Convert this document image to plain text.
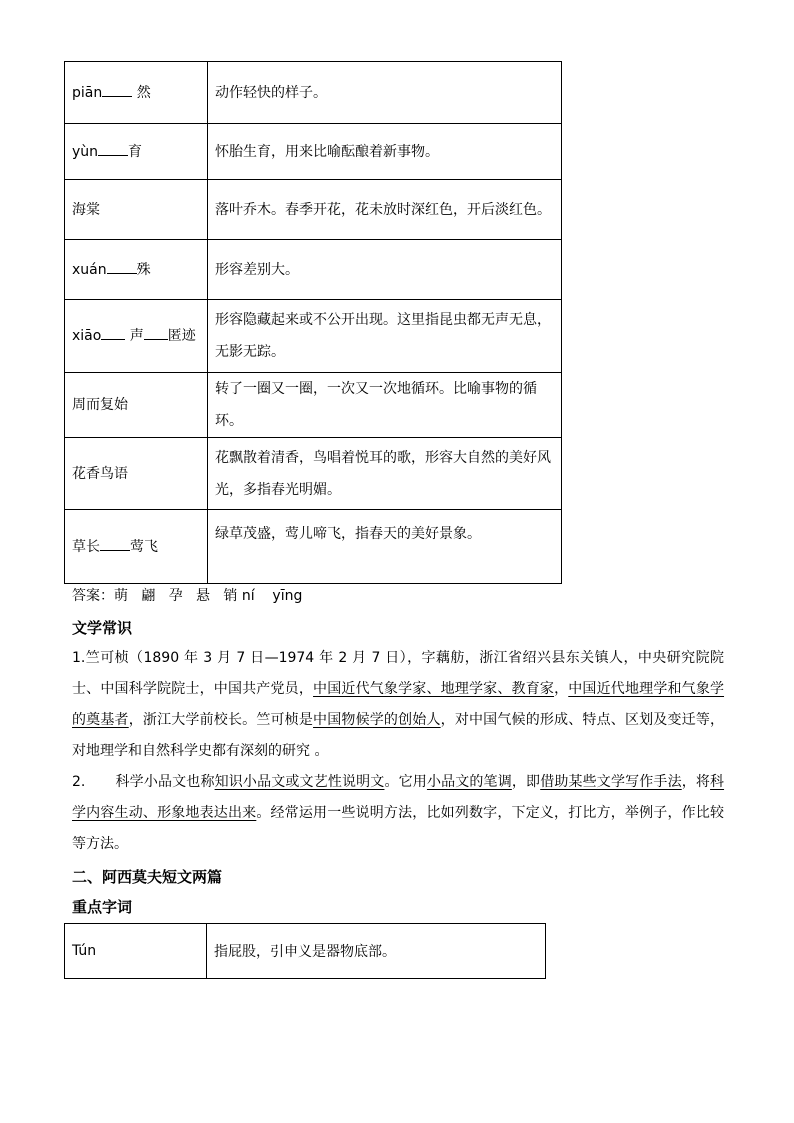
piān 然	动作轻快的样子。
yùn 育	怀胎生育，用来比喻酝酿着新事物。
海棠	落叶乔木。春季开花，花未放时深红色，开后淡红色。
xuán 殊	形容差别大。
xiāo 声 匿迹	形容隐藏起来或不公开出现。这里指昆虫都无声无息，无影无踪。
周而复始	转了一圈又一圈，一次又一次地循环。比喻事物的循环。
花香鸟语	花飘散着清香，鸟唱着悦耳的歌，形容大自然的美好风光，多指春光明媚。
草长 莺飞	绿草茂盛，莺儿啼飞，指春天的美好景象。
答案：萌   翩   孕   悬   销 ní    yīng
文学常识
1.竺可桢（1890 年 3 月 7 日—1974 年 2 月 7 日），字藕舫，浙江省绍兴县东关镇人，中央研究院院士、中国科学院院士，中国共产党员，中国近代气象学家、地理学家、教育家，中国近代地理学和气象学的奠基者，浙江大学前校长。竺可桢是中国物候学的创始人，对中国气候的形成、特点、区划及变迁等，对地理学和自然科学史都有深刻的研究 。
2. 科学小品文也称知识小品文或文艺性说明文。它用小品文的笔调，即借助某些文学写作手法，将科学内容生动、形象地表达出来。经常运用一些说明方法，比如列数字，下定义，打比方，举例子，作比较等方法。
二、阿西莫夫短文两篇
重点字词
Tún	指屁股，引申义是器物底部。
